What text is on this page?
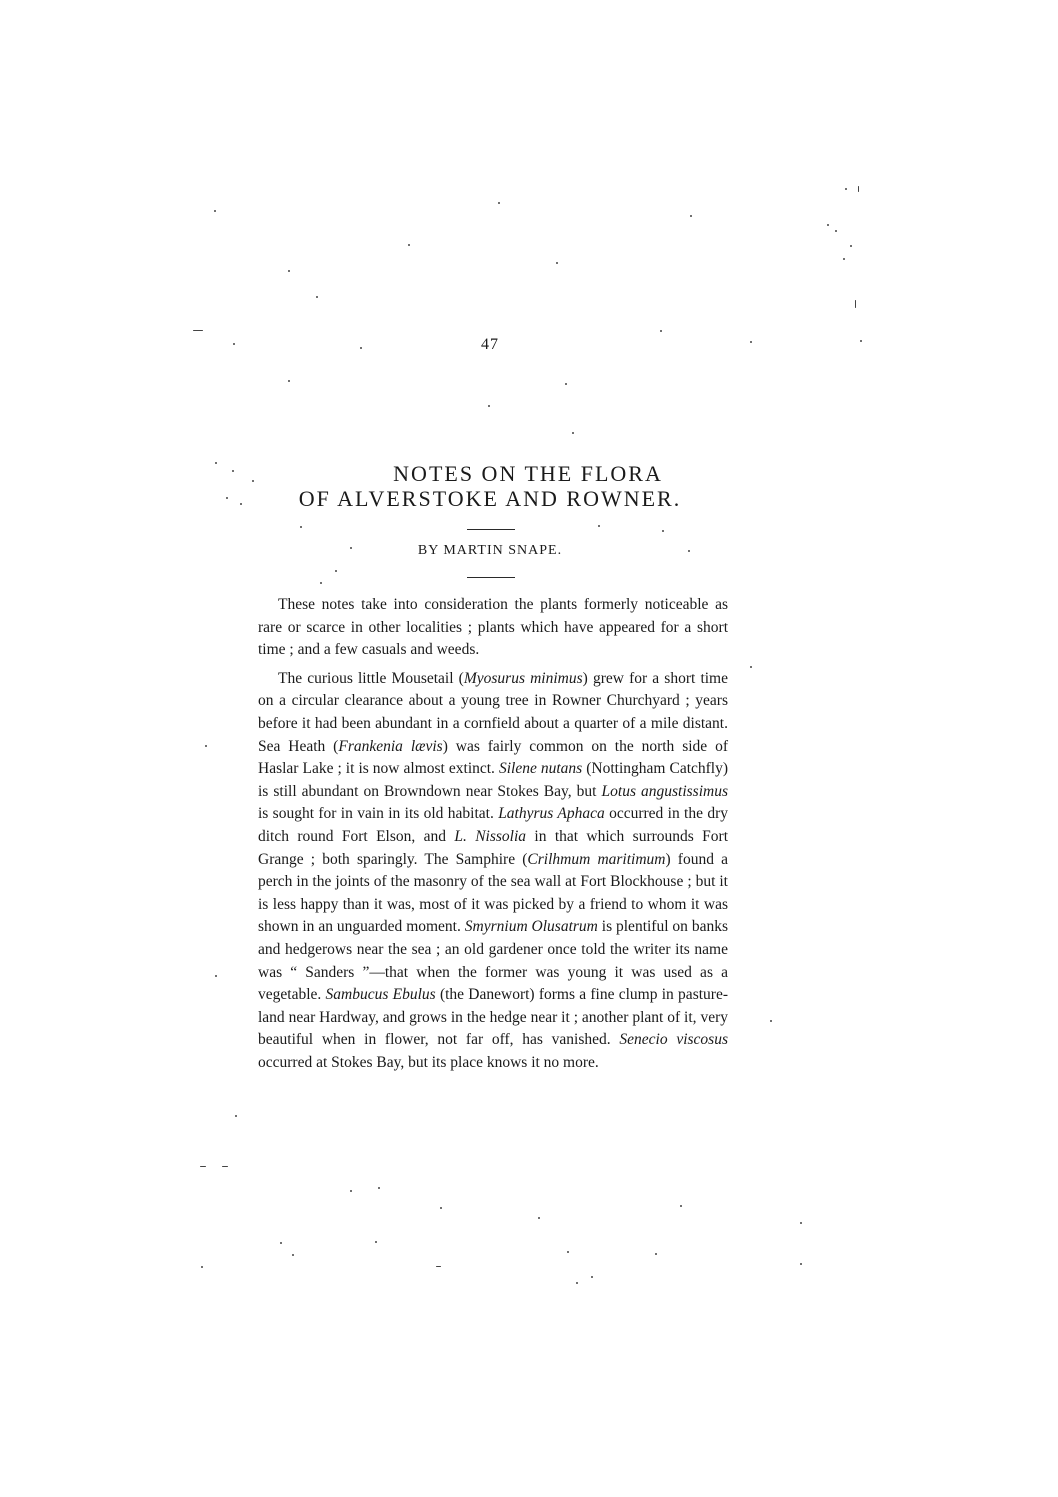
47
NOTES ON THE FLORA
OF ALVERSTOKE AND ROWNER.
BY MARTIN SNAPE.

These notes take into consideration the plants formerly noticeable as rare or scarce in other localities ; plants which have appeared for a short time ; and a few casuals and weeds.

The curious little Mousetail (Myosurus minimus) grew for a short time on a circular clearance about a young tree in Rowner Churchyard ; years before it had been abundant in a cornfield about a quarter of a mile distant. Sea Heath (Frankenia lævis) was fairly common on the north side of Haslar Lake ; it is now almost extinct. Silene nutans (Nottingham Catchfly) is still abundant on Browndown near Stokes Bay, but Lotus angustissimus is sought for in vain in its old habitat. Lathyrus Aphaca occurred in the dry ditch round Fort Elson, and L. Nissolia in that which surrounds Fort Grange ; both sparingly. The Samphire (Crilhmum maritimum) found a perch in the joints of the masonry of the sea wall at Fort Blockhouse ; but it is less happy than it was, most of it was picked by a friend to whom it was shown in an unguarded moment. Smyrnium Olusatrum is plentiful on banks and hedgerows near the sea ; an old gardener once told the writer its name was “ Sanders ”—that when the former was young it was used as a vegetable. Sambucus Ebulus (the Danewort) forms a fine clump in pasture-land near Hardway, and grows in the hedge near it ; another plant of it, very beautiful when in flower, not far off, has vanished. Senecio viscosus occurred at Stokes Bay, but its place knows it no more.
